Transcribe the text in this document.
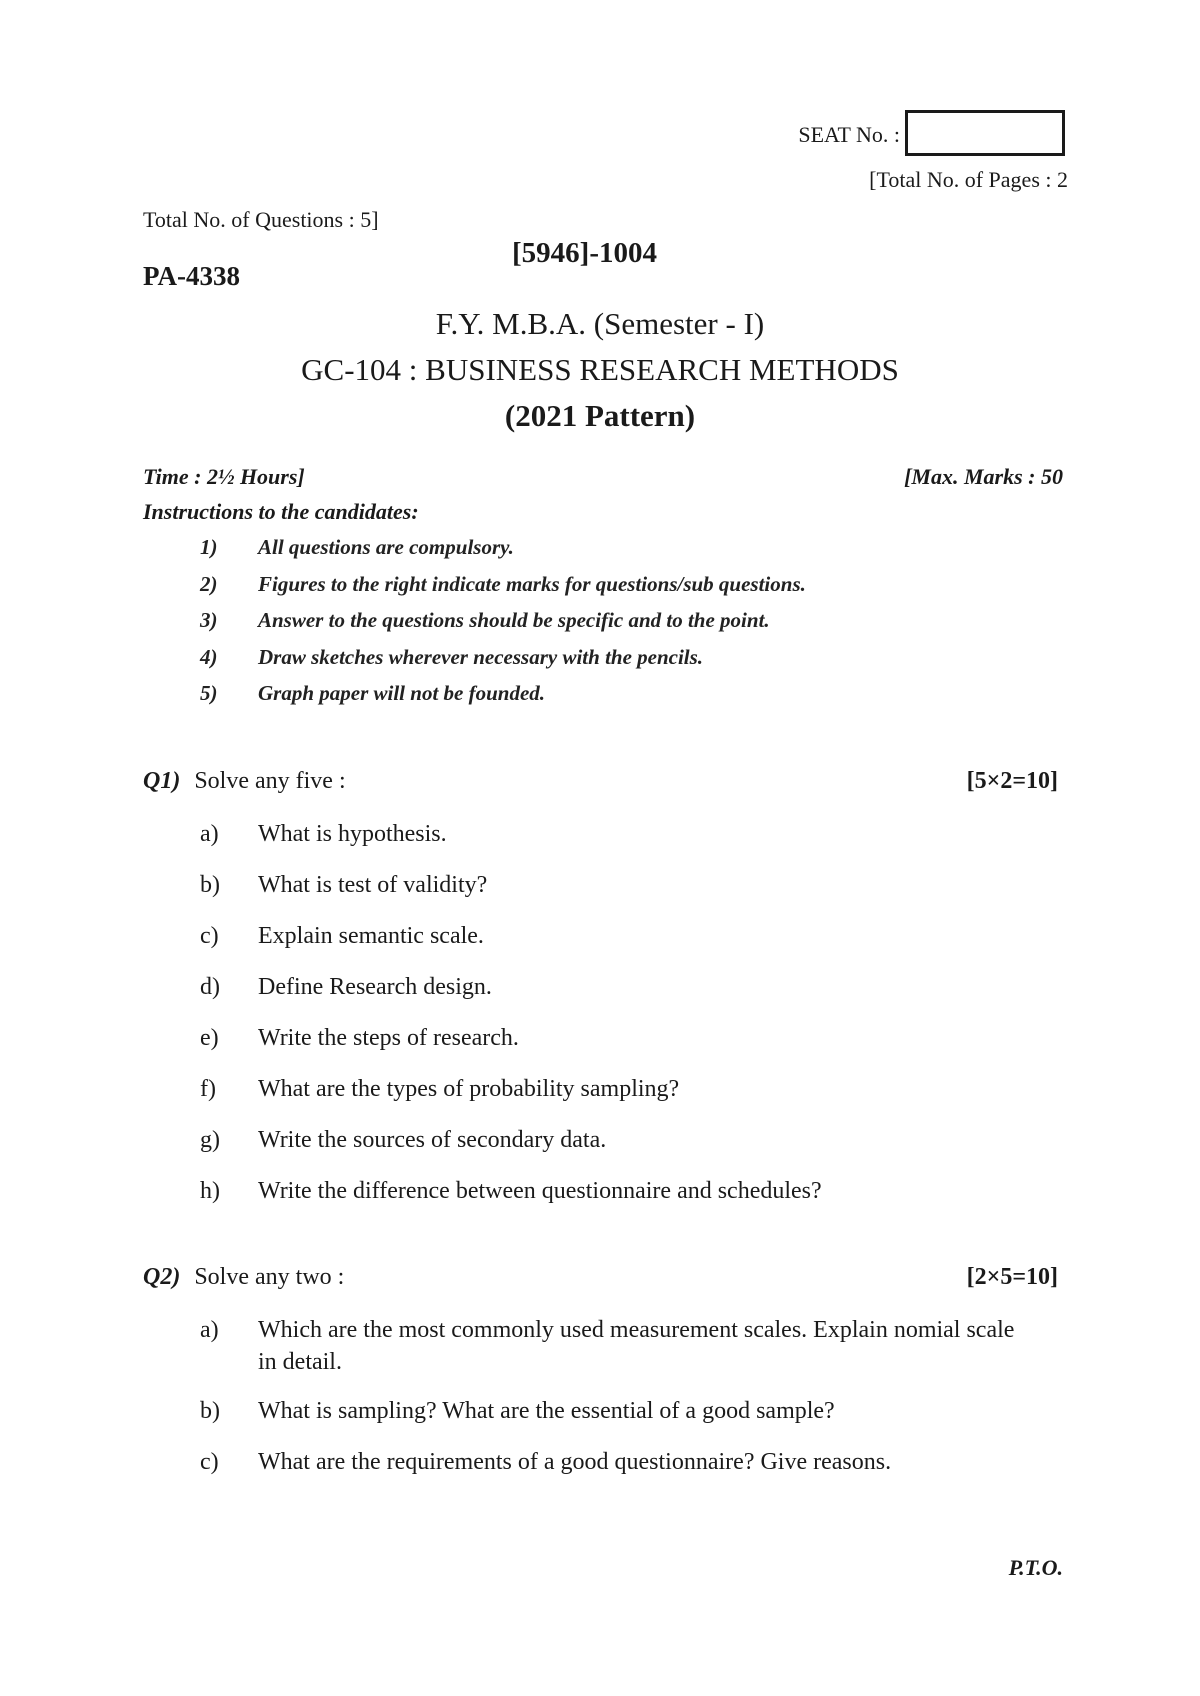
SEAT No. :
[Total No. of Pages : 2
Total No. of Questions : 5]
[5946]-1004
PA-4338
F.Y. M.B.A. (Semester - I)
GC-104 : BUSINESS RESEARCH METHODS
(2021 Pattern)
Time : 2½ Hours]	[Max. Marks : 50
Instructions to the candidates:
1)	All questions are compulsory.
2)	Figures to the right indicate marks for questions/sub questions.
3)	Answer to the questions should be specific and to the point.
4)	Draw sketches wherever necessary with the pencils.
5)	Graph paper will not be founded.
Q1) Solve any five :	[5×2=10]
a)	What is hypothesis.
b)	What is test of validity?
c)	Explain semantic scale.
d)	Define Research design.
e)	Write the steps of research.
f)	What are the types of probability sampling?
g)	Write the sources of secondary data.
h)	Write the difference between questionnaire and schedules?
Q2) Solve any two :	[2×5=10]
a)	Which are the most commonly used measurement scales. Explain nomial scale in detail.
b)	What is sampling? What are the essential of a good sample?
c)	What are the requirements of a good questionnaire? Give reasons.
P.T.O.
